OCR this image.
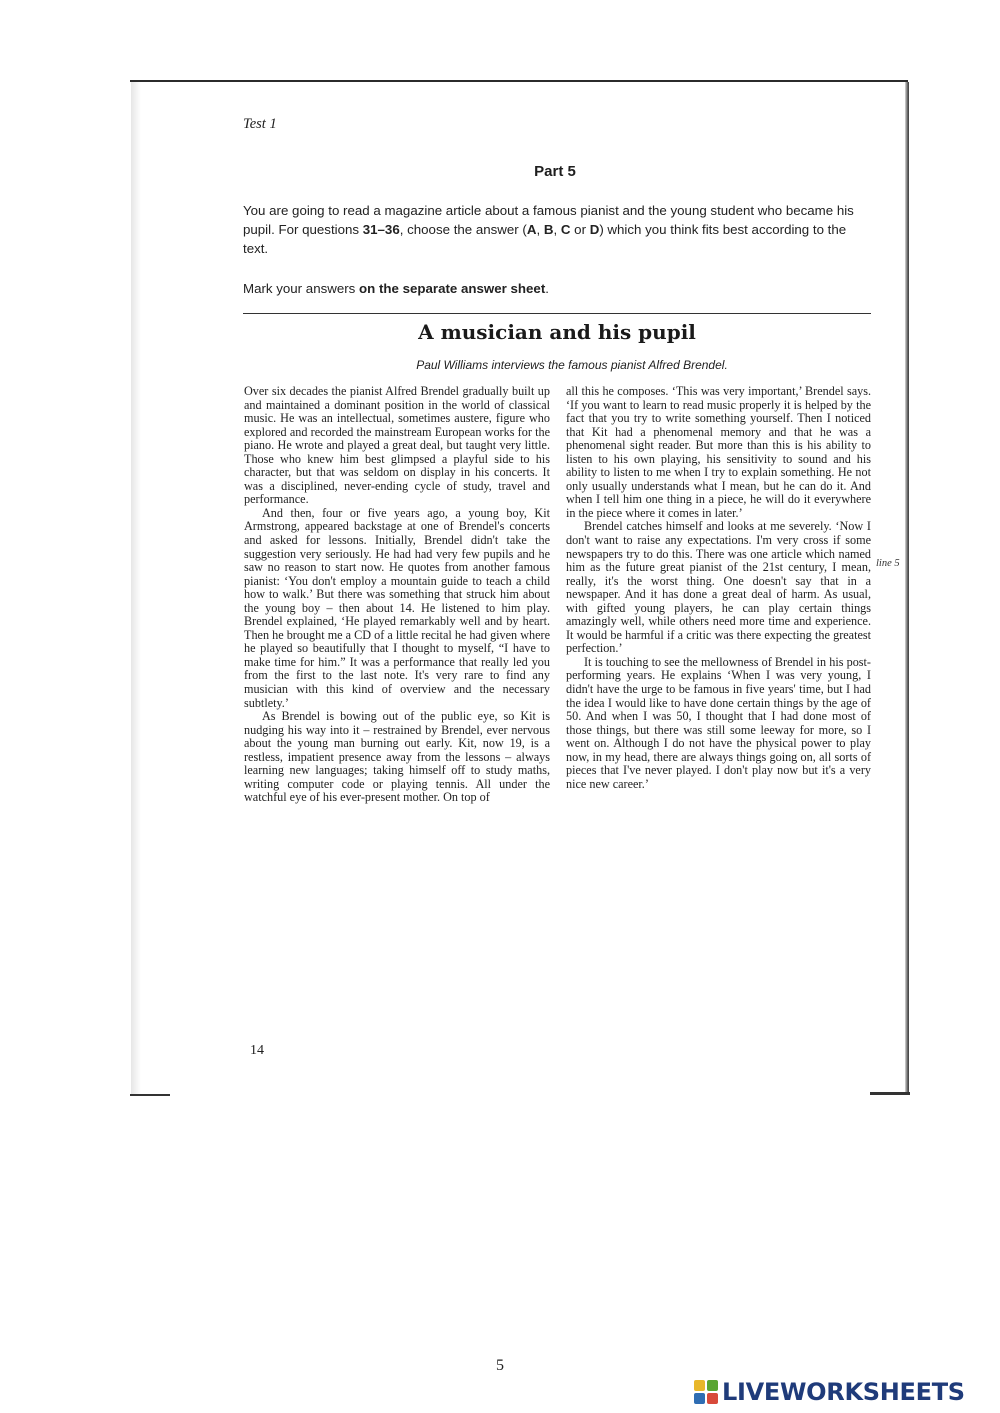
Test 1
Part 5

You are going to read a magazine article about a famous pianist and the young student who became his pupil. For questions 31–36, choose the answer (A, B, C or D) which you think fits best according to the text.

Mark your answers on the separate answer sheet.
A musician and his pupil
Paul Williams interviews the famous pianist Alfred Brendel.

Over six decades the pianist Alfred Brendel gradually built up and maintained a dominant position in the world of classical music. He was an intellectual, sometimes austere, figure who explored and recorded the mainstream European works for the piano. He wrote and played a great deal, but taught very little. Those who knew him best glimpsed a playful side to his character, but that was seldom on display in his concerts. It was a disciplined, never-ending cycle of study, travel and performance.

And then, four or five years ago, a young boy, Kit Armstrong, appeared backstage at one of Brendel's concerts and asked for lessons. Initially, Brendel didn't take the suggestion very seriously. He had had very few pupils and he saw no reason to start now. He quotes from another famous pianist: ‘You don't employ a mountain guide to teach a child how to walk.’ But there was something that struck him about the young boy – then about 14. He listened to him play. Brendel explained, ‘He played remarkably well and by heart. Then he brought me a CD of a little recital he had given where he played so beautifully that I thought to myself, “I have to make time for him.” It was a performance that really led you from the first to the last note. It's very rare to find any musician with this kind of overview and the necessary subtlety.’

As Brendel is bowing out of the public eye, so Kit is nudging his way into it – restrained by Brendel, ever nervous about the young man burning out early. Kit, now 19, is a restless, impatient presence away from the lessons – always learning new languages; taking himself off to study maths, writing computer code or playing tennis. All under the watchful eye of his ever-present mother. On top of

all this he composes. ‘This was very important,’ Brendel says. ‘If you want to learn to read music properly it is helped by the fact that you try to write something yourself. Then I noticed that Kit had a phenomenal memory and that he was a phenomenal sight reader. But more than this is his ability to listen to his own playing, his sensitivity to sound and his ability to listen to me when I try to explain something. He not only usually understands what I mean, but he can do it. And when I tell him one thing in a piece, he will do it everywhere in the piece where it comes in later.’

Brendel catches himself and looks at me severely. ‘Now I don't want to raise any expectations. I'm very cross if some newspapers try to do this. There was one article which named him as the future great pianist of the 21st century, I mean, really, it's the worst thing. One doesn't say that in a newspaper. And it has done a great deal of harm. As usual, with gifted young players, he can play certain things amazingly well, while others need more time and experience. It would be harmful if a critic was there expecting the greatest perfection.’

It is touching to see the mellowness of Brendel in his post-performing years. He explains ‘When I was very young, I didn't have the urge to be famous in five years' time, but I had the idea I would like to have done certain things by the age of 50. And when I was 50, I thought that I had done most of those things, but there was still some leeway for more, so I went on. Although I do not have the physical power to play now, in my head, there are always things going on, all sorts of pieces that I've never played. I don't play now but it's a very nice new career.’

line 5
14
5
LIVEWORKSHEETS
